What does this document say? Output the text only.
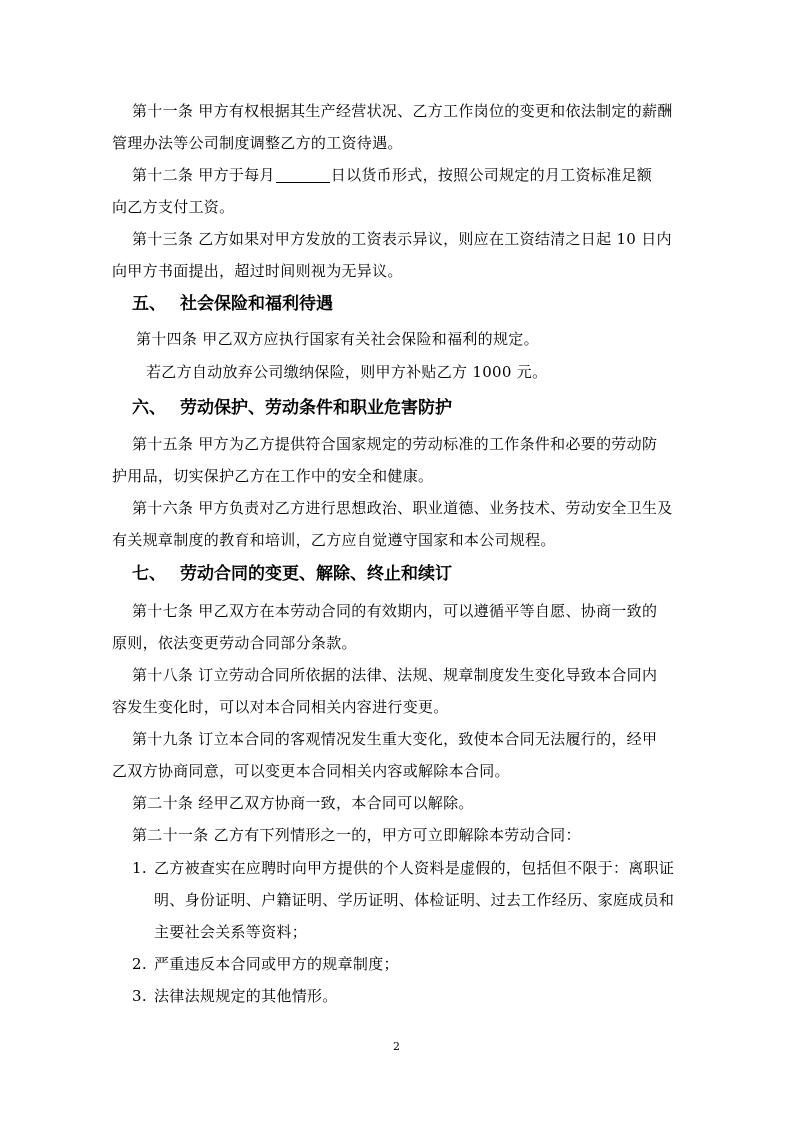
第十一条 甲方有权根据其生产经营状况、乙方工作岗位的变更和依法制定的薪酬

管理办法等公司制度调整乙方的工资待遇。

第十二条 甲方于每月	日以货币形式，按照公司规定的月工资标准足额

向乙方支付工资。

第十三条 乙方如果对甲方发放的工资表示异议，则应在工资结清之日起 10 日内

向甲方书面提出，超过时间则视为无异议。

五、 社会保险和福利待遇

第十四条 甲乙双方应执行国家有关社会保险和福利的规定。

若乙方自动放弃公司缴纳保险，则甲方补贴乙方 1000 元。

六、 劳动保护、劳动条件和职业危害防护

第十五条 甲方为乙方提供符合国家规定的劳动标准的工作条件和必要的劳动防

护用品，切实保护乙方在工作中的安全和健康。

第十六条 甲方负责对乙方进行思想政治、职业道德、业务技术、劳动安全卫生及

有关规章制度的教育和培训，乙方应自觉遵守国家和本公司规程。

七、 劳动合同的变更、解除、终止和续订

第十七条 甲乙双方在本劳动合同的有效期内，可以遵循平等自愿、协商一致的

原则，依法变更劳动合同部分条款。

第十八条 订立劳动合同所依据的法律、法规、规章制度发生变化导致本合同内

容发生变化时，可以对本合同相关内容进行变更。

第十九条 订立本合同的客观情况发生重大变化，致使本合同无法履行的，经甲

乙双方协商同意，可以变更本合同相关内容或解除本合同。

第二十条 经甲乙双方协商一致，本合同可以解除。

第二十一条 乙方有下列情形之一的，甲方可立即解除本劳动合同：

1. 乙方被查实在应聘时向甲方提供的个人资料是虚假的，包括但不限于：离职证

明、身份证明、户籍证明、学历证明、体检证明、过去工作经历、家庭成员和

主要社会关系等资料；

2. 严重违反本合同或甲方的规章制度；

3. 法律法规规定的其他情形。

2
